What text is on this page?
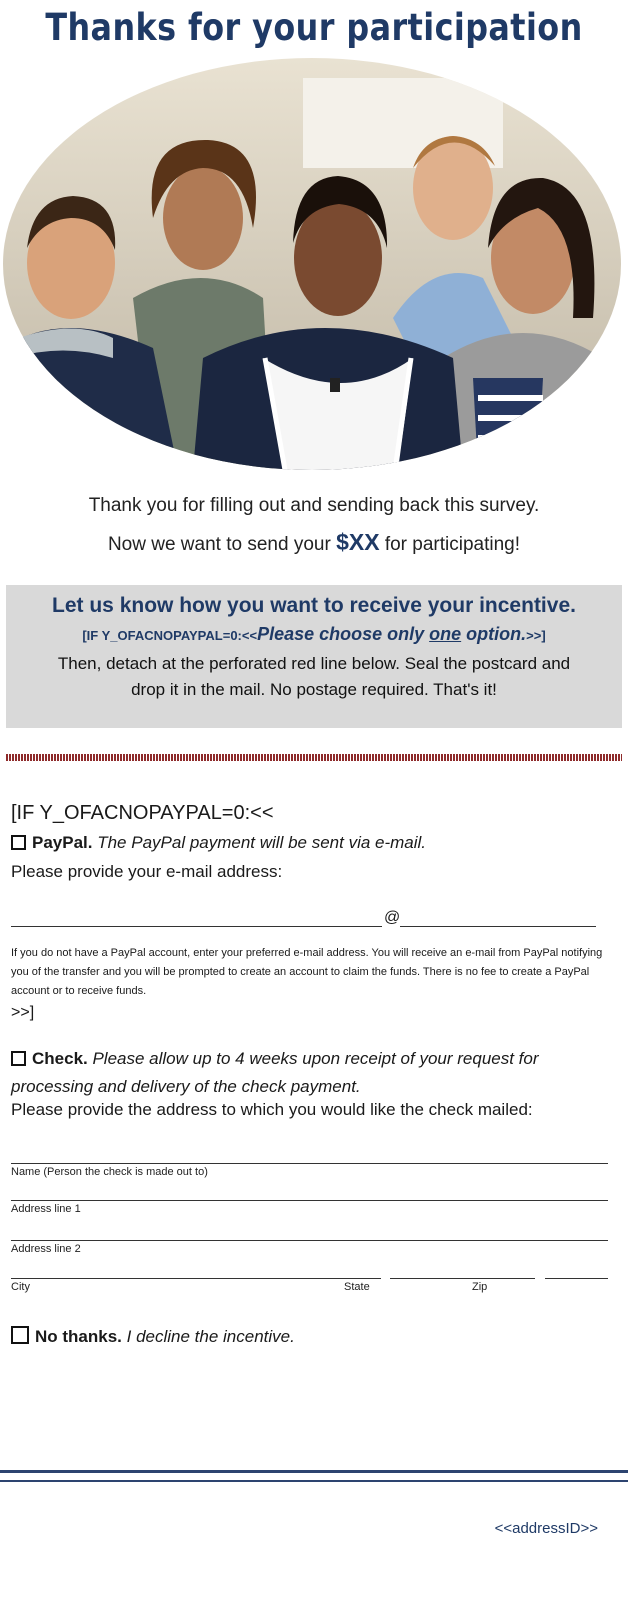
Thanks for your participation
Thank you for filling out and sending back this survey.
Now we want to send your $XX for participating!
Let us know how you want to receive your incentive.
[IF Y_OFACNOPAYPAL=0:<<Please choose only one option.>>]
Then, detach at the perforated red line below. Seal the postcard and drop it in the mail. No postage required. That's it!
[IF Y_OFACNOPAYPAL=0:<<
PayPal. The PayPal payment will be sent via e-mail.
Please provide your e-mail address:
@
If you do not have a PayPal account, enter your preferred e-mail address. You will receive an e-mail from PayPal notifying you of the transfer and you will be prompted to create an account to claim the funds. There is no fee to create a PayPal account or to receive funds.
>>]
Check. Please allow up to 4 weeks upon receipt of your request for processing and delivery of the check payment.
Please provide the address to which you would like the check mailed:
Name (Person the check is made out to)
Address line 1
Address line 2
City	State	Zip
No thanks. I decline the incentive.
<<addressID>>
